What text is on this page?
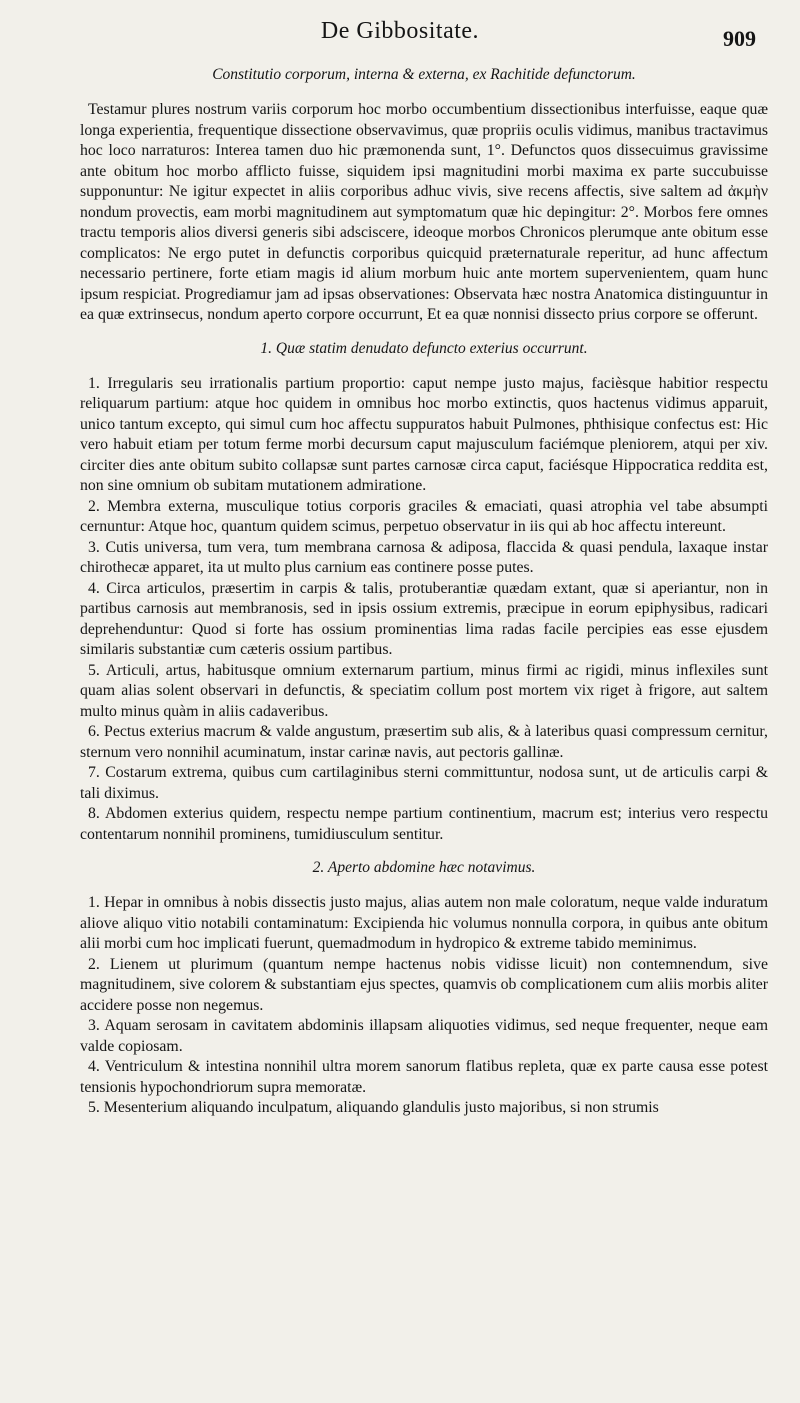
De Gibbositate.	909

Constitutio corporum, interna & externa, ex Rachitide defunctorum.

Testamur plures nostrum variis corporum hoc morbo occumbentium dissectionibus interfuisse, eaque quæ longa experientia, frequentique dissectione observavimus, quæ propriis oculis vidimus, manibus tractavimus hoc loco narraturos: Interea tamen duo hic præmonenda sunt, 1°. Defunctos quos dissecuimus gravissime ante obitum hoc morbo afflicto fuisse, siquidem ipsi magnitudini morbi maxima ex parte succubuisse supponuntur: Ne igitur expectet in aliis corporibus adhuc vivis, sive recens affectis, sive saltem ad ἀκμὴν nondum provectis, eam morbi magnitudinem aut symptomatum quæ hic depingitur: 2°. Morbos fere omnes tractu temporis alios diversi generis sibi adsciscere, ideoque morbos Chronicos plerumque ante obitum esse complicatos: Ne ergo putet in defunctis corporibus quicquid præternaturale reperitur, ad hunc affectum necessario pertinere, forte etiam magis id alium morbum huic ante mortem supervenientem, quam hunc ipsum respiciat. Progrediamur jam ad ipsas observationes: Observata hæc nostra Anatomica distinguuntur in ea quæ extrinsecus, nondum aperto corpore occurrunt, Et ea quæ nonnisi dissecto prius corpore se offerunt.

1. Quæ statim denudato defuncto exterius occurrunt.

1. Irregularis seu irrationalis partium proportio: caput nempe justo majus, facièsque habitior respectu reliquarum partium: atque hoc quidem in omnibus hoc morbo extinctis, quos hactenus vidimus apparuit, unico tantum excepto, qui simul cum hoc affectu suppuratos habuit Pulmones, phthisique confectus est: Hic vero habuit etiam per totum ferme morbi decursum caput majusculum faciémque pleniorem, atqui per xiv. circiter dies ante obitum subito collapsæ sunt partes carnosæ circa caput, faciésque Hippocratica reddita est, non sine omnium ob subitam mutationem admiratione.

2. Membra externa, musculique totius corporis graciles & emaciati, quasi atrophia vel tabe absumpti cernuntur: Atque hoc, quantum quidem scimus, perpetuo observatur in iis qui ab hoc affectu intereunt.

3. Cutis universa, tum vera, tum membrana carnosa & adiposa, flaccida & quasi pendula, laxaque instar chirothecæ apparet, ita ut multo plus carnium eas continere posse putes.

4. Circa articulos, præsertim in carpis & talis, protuberantiæ quædam extant, quæ si aperiantur, non in partibus carnosis aut membranosis, sed in ipsis ossium extremis, præcipue in eorum epiphysibus, radicari deprehenduntur: Quod si forte has ossium prominentias lima radas facile percipies eas esse ejusdem similaris substantiæ cum cæteris ossium partibus.

5. Articuli, artus, habitusque omnium externarum partium, minus firmi ac rigidi, minus inflexiles sunt quam alias solent observari in defunctis, & speciatim collum post mortem vix riget à frigore, aut saltem multo minus quàm in aliis cadaveribus.

6. Pectus exterius macrum & valde angustum, præsertim sub alis, & à lateribus quasi compressum cernitur, sternum vero nonnihil acuminatum, instar carinæ navis, aut pectoris gallinæ.

7. Costarum extrema, quibus cum cartilaginibus sterni committuntur, nodosa sunt, ut de articulis carpi & tali diximus.

8. Abdomen exterius quidem, respectu nempe partium continentium, macrum est; interius vero respectu contentarum nonnihil prominens, tumidiusculum sentitur.

2. Aperto abdomine hæc notavimus.

1. Hepar in omnibus à nobis dissectis justo majus, alias autem non male coloratum, neque valde induratum aliove aliquo vitio notabili contaminatum: Excipienda hic volumus nonnulla corpora, in quibus ante obitum alii morbi cum hoc implicati fuerunt, quemadmodum in hydropico & extreme tabido meminimus.

2. Lienem ut plurimum (quantum nempe hactenus nobis vidisse licuit) non contemnendum, sive magnitudinem, sive colorem & substantiam ejus spectes, quamvis ob complicationem cum aliis morbis aliter accidere posse non negemus.

3. Aquam serosam in cavitatem abdominis illapsam aliquoties vidimus, sed neque frequenter, neque eam valde copiosam.

4. Ventriculum & intestina nonnihil ultra morem sanorum flatibus repleta, quæ ex parte causa esse potest tensionis hypochondriorum supra memoratæ.

5. Mesenterium aliquando inculpatum, aliquando glandulis justo majoribus, si non strumis
